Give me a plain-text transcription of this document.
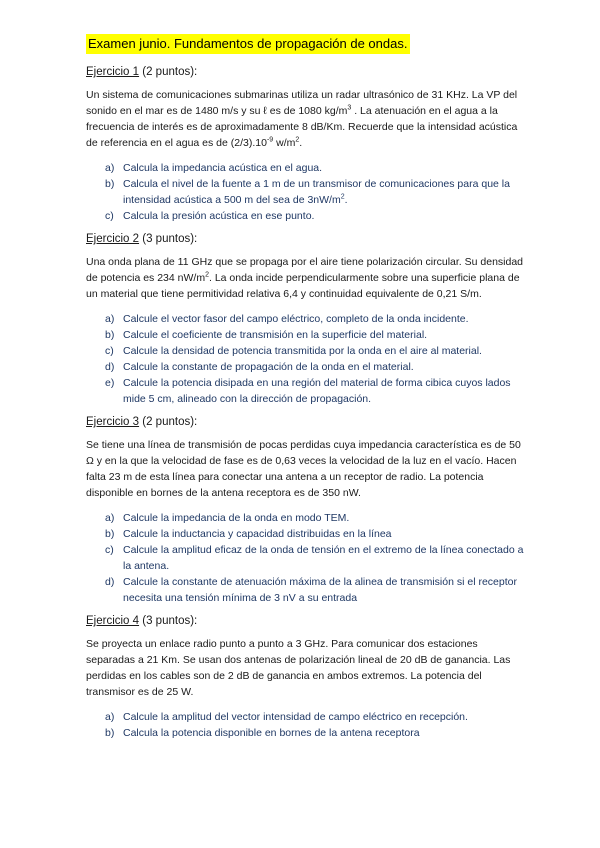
Examen junio. Fundamentos de propagación de ondas.
Ejercicio 1 (2 puntos):

Un sistema de comunicaciones submarinas utiliza un radar ultrasónico de 31 KHz. La VP del sonido en el mar es de 1480 m/s y su ℓ es de 1080 $kg/m^3$ . La atenuación en el agua a la frecuencia de interés es de aproximadamente 8 dB/Km. Recuerde que la intensidad acústica de referencia en el agua es de $(2/3).10^{-9}$ $w/m^2$.

a) Calcula la impedancia acústica en el agua.
b) Calcula el nivel de la fuente a 1 m de un transmisor de comunicaciones para que la intensidad acústica a 500 m del sea de $3nW/m^2$.
c) Calcula la presión acústica en ese punto.
Ejercicio 2 (3 puntos):

Una onda plana de 11 GHz que se propaga por el aire tiene polarización circular. Su densidad de potencia es 234 $nW/m^2$. La onda incide perpendicularmente sobre una superficie plana de un material que tiene permitividad relativa 6,4 y continuidad equivalente de 0,21 S/m.

a) Calcule el vector fasor del campo eléctrico, completo de la onda incidente.
b) Calcule el coeficiente de transmisión en la superficie del material.
c) Calcule la densidad de potencia transmitida por la onda en el aire al material.
d) Calcule la constante de propagación de la onda en el material.
e) Calcule la potencia disipada en una región del material de forma cibica cuyos lados mide 5 cm, alineado con la dirección de propagación.
Ejercicio 3 (2 puntos):

Se tiene una línea de transmisión de pocas perdidas cuya impedancia característica es de 50 Ω y en la que la velocidad de fase es de 0,63 veces la velocidad de la luz en el vacío. Hacen falta 23 m de esta línea para conectar una antena a un receptor de radio. La potencia disponible en bornes de la antena receptora es de 350 nW.

a) Calcule la impedancia de la onda en modo TEM.
b) Calcule la inductancia y capacidad distribuidas en la línea
c) Calcule la amplitud eficaz de la onda de tensión en el extremo de la línea conectado a la antena.
d) Calcule la constante de atenuación máxima de la alinea de transmisión si el receptor necesita una tensión mínima de 3 nV a su entrada
Ejercicio 4 (3 puntos):

Se proyecta un enlace radio punto a punto a 3 GHz. Para comunicar dos estaciones separadas a 21 Km. Se usan dos antenas de polarización lineal de 20 dB de ganancia. Las perdidas en los cables son de 2 dB de ganancia en ambos extremos. La potencia del transmisor es de 25 W.

a) Calcule la amplitud del vector intensidad de campo eléctrico en recepción.
b) Calcula la potencia disponible en bornes de la antena receptora
